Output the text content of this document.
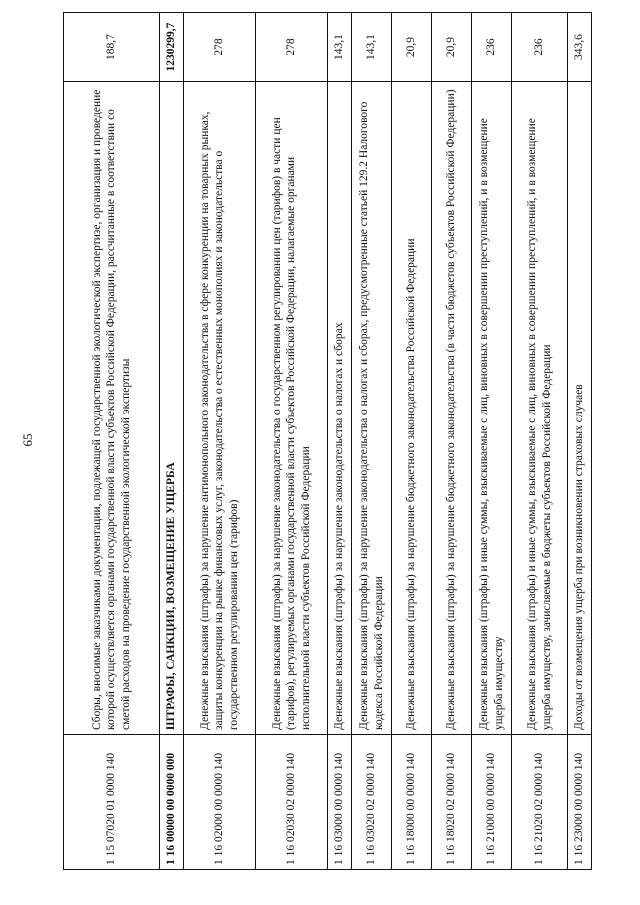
65
1 15 07020 01 0000 140	Сборы, вносимые заказчиками документации, подлежащей государственной экологической экспертизе, организация и проведение которой осуществляется органами государственной власти субъектов Российской Федерации, рассчитанные в соответствии со сметой расходов на проведение государственной экологической экспертизы	188,7
1 16 00000 00 0000 000	ШТРАФЫ, САНКЦИИ, ВОЗМЕЩЕНИЕ УЩЕРБА	1230299,7
1 16 02000 00 0000 140	Денежные взыскания (штрафы) за нарушение антимонопольного законодательства в сфере конкуренции на товарных рынках, защиты конкуренции на рынке финансовых услуг, законодательства о естественных монополиях и законодательства о государственном регулировании цен (тарифов)	278
1 16 02030 02 0000 140	Денежные взыскания (штрафы) за нарушение законодательства о государственном регулировании цен (тарифов) в части цен (тарифов), регулируемых органами государственной власти субъектов Российской Федерации, налагаемые органами исполнительной власти субъектов Российской Федерации	278
1 16 03000 00 0000 140	Денежные взыскания (штрафы) за нарушение законодательства о налогах и сборах	143,1
1 16 03020 02 0000 140	Денежные взыскания (штрафы) за нарушение законодательства о налогах и сборах, предусмотренные статьей 129.2 Налогового кодекса Российской Федерации	143,1
1 16 18000 00 0000 140	Денежные взыскания (штрафы) за нарушение бюджетного законодательства Российской Федерации	20,9
1 16 18020 02 0000 140	Денежные взыскания (штрафы) за нарушение бюджетного законодательства (в части бюджетов субъектов Российской Федерации)	20,9
1 16 21000 00 0000 140	Денежные взыскания (штрафы) и иные суммы, взыскиваемые с лиц, виновных в совершении преступлений, и в возмещение ущерба имуществу	236
1 16 21020 02 0000 140	Денежные взыскания (штрафы) и иные суммы, взыскиваемые с лиц, виновных в совершении преступлений, и в возмещение ущерба имуществу, зачисляемые в бюджеты субъектов Российской Федерации	236
1 16 23000 00 0000 140	Доходы от возмещения ущерба при возникновении страховых случаев	343,6
